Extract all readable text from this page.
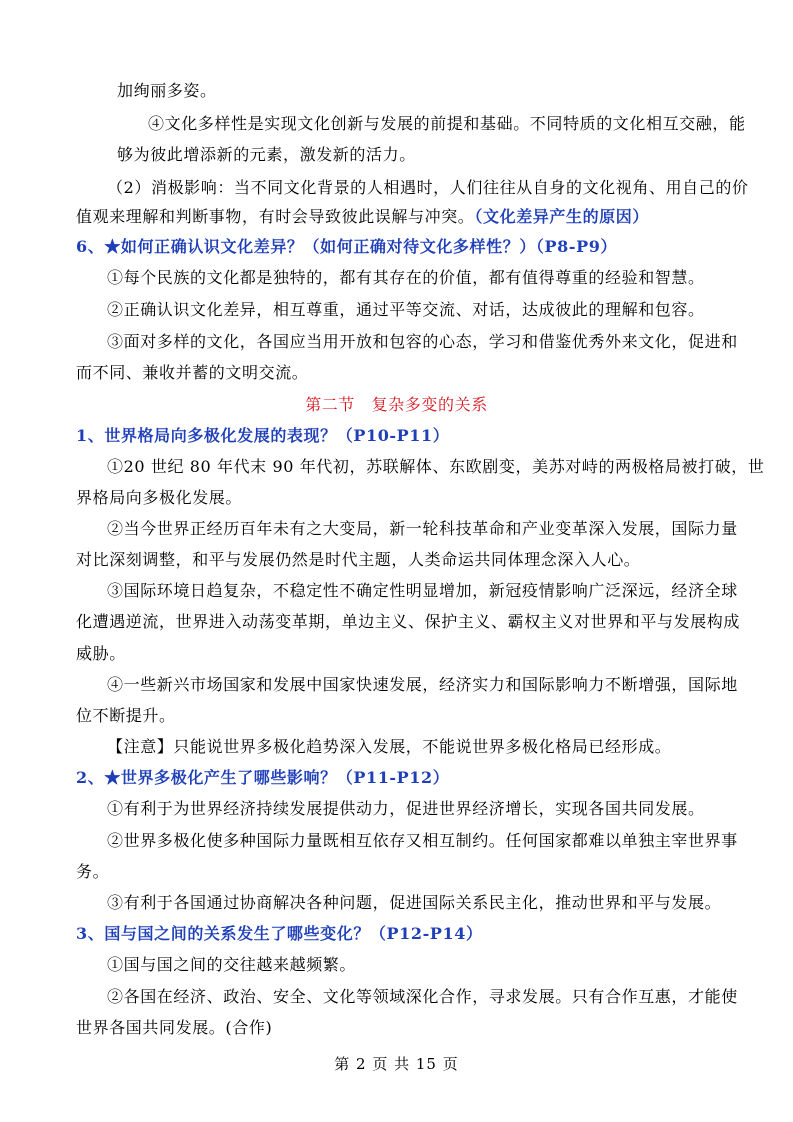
加绚丽多姿。
④文化多样性是实现文化创新与发展的前提和基础。不同特质的文化相互交融，能
够为彼此增添新的元素，激发新的活力。
（2）消极影响：当不同文化背景的人相遇时，人们往往从自身的文化视角、用自己的价
值观来理解和判断事物，有时会导致彼此误解与冲突。（文化差异产生的原因）
6、★如何正确认识文化差异？（如何正确对待文化多样性？）（P8-P9）
①每个民族的文化都是独特的，都有其存在的价值，都有值得尊重的经验和智慧。
②正确认识文化差异，相互尊重，通过平等交流、对话，达成彼此的理解和包容。
③面对多样的文化，各国应当用开放和包容的心态，学习和借鉴优秀外来文化，促进和
而不同、兼收并蓄的文明交流。
第二节　复杂多变的关系
1、世界格局向多极化发展的表现？（P10-P11）
①20 世纪 80 年代末 90 年代初，苏联解体、东欧剧变，美苏对峙的两极格局被打破，世
界格局向多极化发展。
②当今世界正经历百年未有之大变局，新一轮科技革命和产业变革深入发展，国际力量
对比深刻调整，和平与发展仍然是时代主题，人类命运共同体理念深入人心。
③国际环境日趋复杂，不稳定性不确定性明显增加，新冠疫情影响广泛深远，经济全球
化遭遇逆流，世界进入动荡变革期，单边主义、保护主义、霸权主义对世界和平与发展构成
威胁。
④一些新兴市场国家和发展中国家快速发展，经济实力和国际影响力不断增强，国际地
位不断提升。
【注意】只能说世界多极化趋势深入发展，不能说世界多极化格局已经形成。
2、★世界多极化产生了哪些影响？（P11-P12）
①有利于为世界经济持续发展提供动力，促进世界经济增长，实现各国共同发展。
②世界多极化使多种国际力量既相互依存又相互制约。任何国家都难以单独主宰世界事
务。
③有利于各国通过协商解决各种问题，促进国际关系民主化，推动世界和平与发展。
3、国与国之间的关系发生了哪些变化？（P12-P14）
①国与国之间的交往越来越频繁。
②各国在经济、政治、安全、文化等领域深化合作，寻求发展。只有合作互惠，才能使
世界各国共同发展。(合作)
第 2 页 共 15 页
